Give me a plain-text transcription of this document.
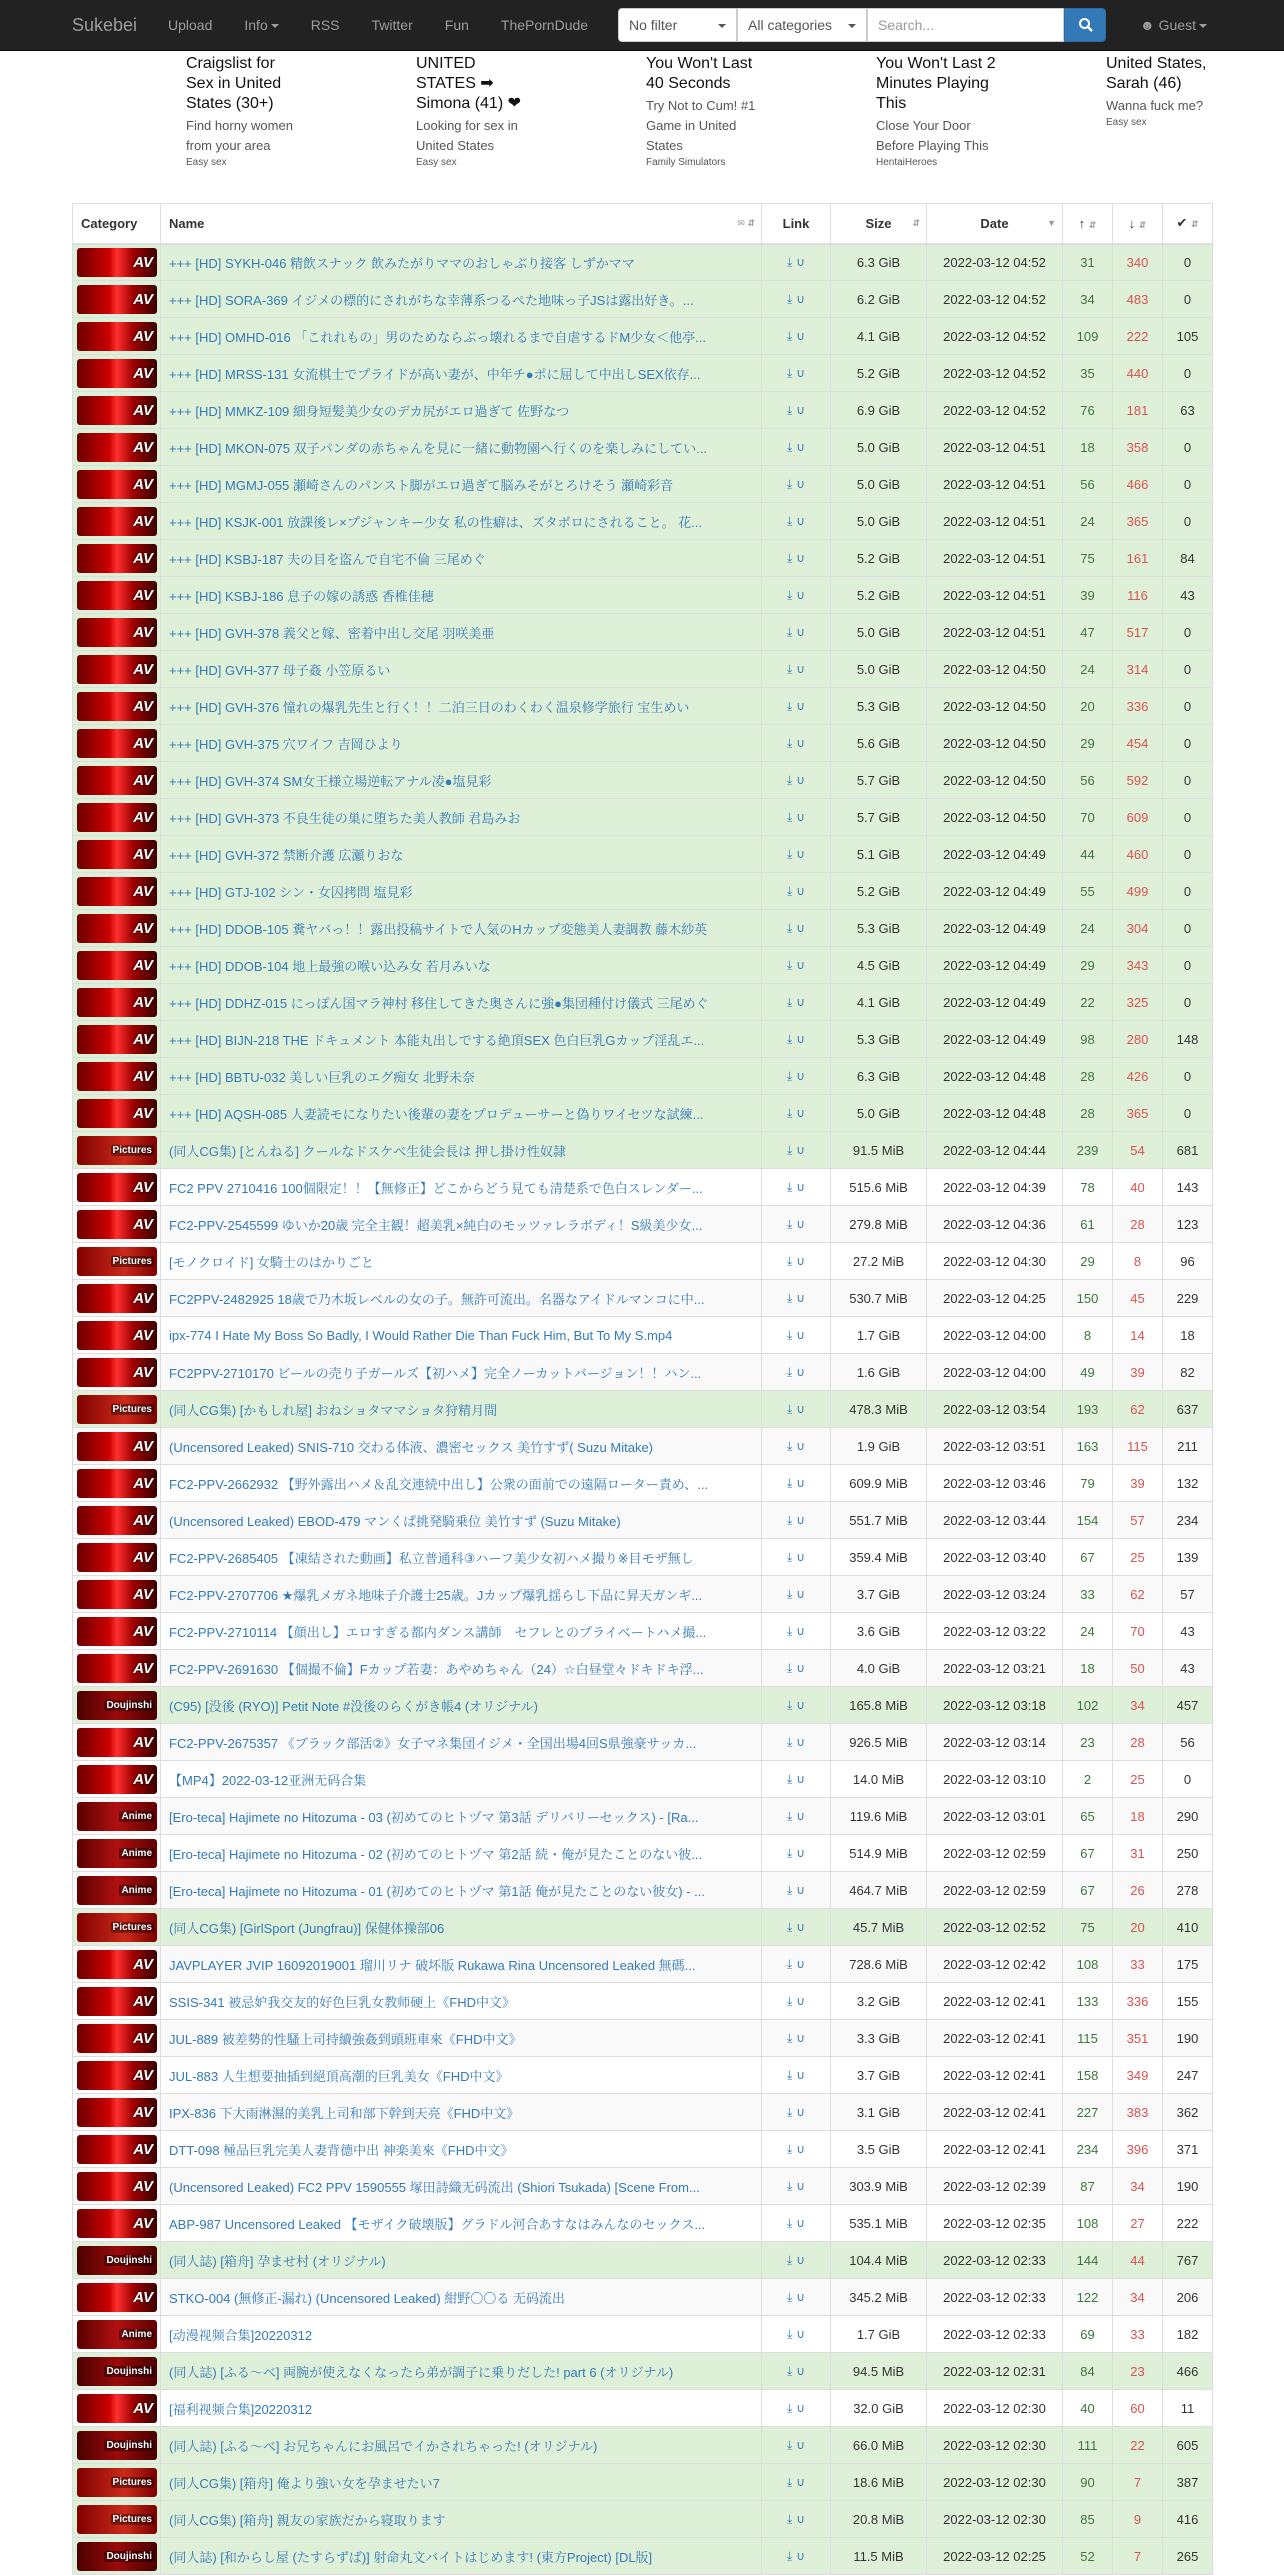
Sukebei	Upload	Info	RSS	Twitter	Fun	ThePornDude	No filter	All categories	Search...	☻ Guest
Craigslist for Sex in United States (30+)
Find horny women from your area
Easy sex
UNITED STATES ➡ Simona (41) ❤
Looking for sex in United States
Easy sex
You Won't Last 40 Seconds
Try Not to Cum! #1 Game in United States
Family Simulators
You Won't Last 2 Minutes Playing This
Close Your Door Before Playing This
HentaiHeroes
United States, Sarah (46)
Wanna fuck me?
Easy sex
Category	Name ✉ ⇵	Link	Size ⇵	Date ▼	↑ ⇵	↓ ⇵	✔ ⇵

AV	+++ [HD] SYKH-046 精飲スナック 飲みたがりママのおしゃぶり接客 しずかママ	⤓ ∪	6.3 GiB	2022-03-12 04:52	31	340	0

AV	+++ [HD] SORA-369 イジメの標的にされがちな幸薄系つるぺた地味っ子JSは露出好き。...	⤓ ∪	6.2 GiB	2022-03-12 04:52	34	483	0

AV	+++ [HD] OMHD-016 「これれもの」男のためならぶっ壊れるまで自虐するドM少女＜他亭...	⤓ ∪	4.1 GiB	2022-03-12 04:52	109	222	105

AV	+++ [HD] MRSS-131 女流棋士でプライドが高い妻が、中年チ●ポに屈して中出しSEX依存...	⤓ ∪	5.2 GiB	2022-03-12 04:52	35	440	0

AV	+++ [HD] MMKZ-109 細身短髪美少女のデカ尻がエロ過ぎて 佐野なつ	⤓ ∪	6.9 GiB	2022-03-12 04:52	76	181	63

AV	+++ [HD] MKON-075 双子パンダの赤ちゃんを見に一緒に動物園へ行くのを楽しみにしてい...	⤓ ∪	5.0 GiB	2022-03-12 04:51	18	358	0

AV	+++ [HD] MGMJ-055 瀬崎さんのパンスト脚がエロ過ぎて脳みそがとろけそう 瀬崎彩音	⤓ ∪	5.0 GiB	2022-03-12 04:51	56	466	0

AV	+++ [HD] KSJK-001 放課後レ×プジャンキー少女 私の性癖は、ズタボロにされること。 花...	⤓ ∪	5.0 GiB	2022-03-12 04:51	24	365	0

AV	+++ [HD] KSBJ-187 夫の目を盗んで自宅不倫 三尾めぐ	⤓ ∪	5.2 GiB	2022-03-12 04:51	75	161	84

AV	+++ [HD] KSBJ-186 息子の嫁の誘惑 香椎佳穂	⤓ ∪	5.2 GiB	2022-03-12 04:51	39	116	43

AV	+++ [HD] GVH-378 義父と嫁、密着中出し交尾 羽咲美亜	⤓ ∪	5.0 GiB	2022-03-12 04:51	47	517	0

AV	+++ [HD] GVH-377 母子姦 小笠原るい	⤓ ∪	5.0 GiB	2022-03-12 04:50	24	314	0

AV	+++ [HD] GVH-376 憧れの爆乳先生と行く！！二泊三日のわくわく温泉修学旅行 宝生めい	⤓ ∪	5.3 GiB	2022-03-12 04:50	20	336	0

AV	+++ [HD] GVH-375 穴ワイフ 吉岡ひより	⤓ ∪	5.6 GiB	2022-03-12 04:50	29	454	0

AV	+++ [HD] GVH-374 SM女王様立場逆転アナル凌●塩見彩	⤓ ∪	5.7 GiB	2022-03-12 04:50	56	592	0

AV	+++ [HD] GVH-373 不良生徒の巣に堕ちた美人教師 君島みお	⤓ ∪	5.7 GiB	2022-03-12 04:50	70	609	0

AV	+++ [HD] GVH-372 禁断介護 広瀬りおな	⤓ ∪	5.1 GiB	2022-03-12 04:49	44	460	0

AV	+++ [HD] GTJ-102 シン・女囚拷問 塩見彩	⤓ ∪	5.2 GiB	2022-03-12 04:49	55	499	0

AV	+++ [HD] DDOB-105 糞ヤバっ！！露出投稿サイトで人気のHカップ変態美人妻調教 藤木紗英	⤓ ∪	5.3 GiB	2022-03-12 04:49	24	304	0

AV	+++ [HD] DDOB-104 地上最強の喉い込み女 若月みいな	⤓ ∪	4.5 GiB	2022-03-12 04:49	29	343	0

AV	+++ [HD] DDHZ-015 にっぽん国マラ神村 移住してきた奥さんに強●集団種付け儀式 三尾めぐ	⤓ ∪	4.1 GiB	2022-03-12 04:49	22	325	0

AV	+++ [HD] BIJN-218 THE ドキュメント 本能丸出しでする絶頂SEX 色白巨乳Gカップ淫乱エ...	⤓ ∪	5.3 GiB	2022-03-12 04:49	98	280	148

AV	+++ [HD] BBTU-032 美しい巨乳のエグ痴女 北野未奈	⤓ ∪	6.3 GiB	2022-03-12 04:48	28	426	0

AV	+++ [HD] AQSH-085 人妻読モになりたい後輩の妻をプロデューサーと偽りワイセツな試練...	⤓ ∪	5.0 GiB	2022-03-12 04:48	28	365	0

Pictures	(同人CG集) [とんねる] クールなドスケベ生徒会長は 押し掛け性奴隷	⤓ ∪	91.5 MiB	2022-03-12 04:44	239	54	681

AV	FC2 PPV 2710416 100個限定！！【無修正】どこからどう見ても清楚系で色白スレンダー...	⤓ ∪	515.6 MiB	2022-03-12 04:39	78	40	143

AV	FC2-PPV-2545599 ゆいか20歳 完全主観！超美乳×純白のモッツァレラボディ！S級美少女...	⤓ ∪	279.8 MiB	2022-03-12 04:36	61	28	123

Pictures	[モノクロイド] 女騎士のはかりごと	⤓ ∪	27.2 MiB	2022-03-12 04:30	29	8	96

AV	FC2PPV-2482925 18歳で乃木坂レベルの女の子。無許可流出。名器なアイドルマンコに中...	⤓ ∪	530.7 MiB	2022-03-12 04:25	150	45	229

AV	ipx-774 I Hate My Boss So Badly, I Would Rather Die Than Fuck Him, But To My S.mp4	⤓ ∪	1.7 GiB	2022-03-12 04:00	8	14	18

AV	FC2PPV-2710170 ビールの売り子ガールズ【初ハメ】完全ノーカットバージョン！！ハン...	⤓ ∪	1.6 GiB	2022-03-12 04:00	49	39	82

Pictures	(同人CG集) [かもしれ屋] おねショタママショタ狩精月間	⤓ ∪	478.3 MiB	2022-03-12 03:54	193	62	637

AV	(Uncensored Leaked) SNIS-710 交わる体液、濃密セックス 美竹すず( Suzu Mitake)	⤓ ∪	1.9 GiB	2022-03-12 03:51	163	115	211

AV	FC2-PPV-2662932 【野外露出ハメ＆乱交連続中出し】公衆の面前での遠隔ローター責め、...	⤓ ∪	609.9 MiB	2022-03-12 03:46	79	39	132

AV	(Uncensored Leaked) EBOD-479 マンくぱ挑発騎乗位 美竹すず (Suzu Mitake)	⤓ ∪	551.7 MiB	2022-03-12 03:44	154	57	234

AV	FC2-PPV-2685405 【凍結された動画】私立普通科③ハーフ美少女初ハメ撮り※目モザ無し	⤓ ∪	359.4 MiB	2022-03-12 03:40	67	25	139

AV	FC2-PPV-2707706 ★爆乳メガネ地味子介護士25歳。Jカップ爆乳揺らし下品に昇天ガンギ...	⤓ ∪	3.7 GiB	2022-03-12 03:24	33	62	57

AV	FC2-PPV-2710114 【顔出し】エロすぎる都内ダンス講師　セフレとのプライベートハメ撮...	⤓ ∪	3.6 GiB	2022-03-12 03:22	24	70	43

AV	FC2-PPV-2691630 【個撮不倫】Fカップ若妻：あやめちゃん（24）☆白昼堂々ドキドキ浮...	⤓ ∪	4.0 GiB	2022-03-12 03:21	18	50	43

Doujinshi	(C95) [没後 (RYO)] Petit Note #没後のらくがき帳4 (オリジナル)	⤓ ∪	165.8 MiB	2022-03-12 03:18	102	34	457

AV	FC2-PPV-2675357 《ブラック部活②》女子マネ集団イジメ・全国出場4回S県強豪サッカ...	⤓ ∪	926.5 MiB	2022-03-12 03:14	23	28	56

AV	【MP4】2022-03-12亚洲无码合集	⤓ ∪	14.0 MiB	2022-03-12 03:10	2	25	0

Anime	[Ero-teca] Hajimete no Hitozuma - 03 (初めてのヒトヅマ 第3話 デリバリーセックス) - [Ra...	⤓ ∪	119.6 MiB	2022-03-12 03:01	65	18	290

Anime	[Ero-teca] Hajimete no Hitozuma - 02 (初めてのヒトヅマ 第2話 続・俺が見たことのない彼...	⤓ ∪	514.9 MiB	2022-03-12 02:59	67	31	250

Anime	[Ero-teca] Hajimete no Hitozuma - 01 (初めてのヒトヅマ 第1話 俺が見たことのない彼女) - ...	⤓ ∪	464.7 MiB	2022-03-12 02:59	67	26	278

Pictures	(同人CG集) [GirlSport (Jungfrau)] 保健体操部06	⤓ ∪	45.7 MiB	2022-03-12 02:52	75	20	410

AV	JAVPLAYER JVIP 16092019001 瑠川リナ 破坏版 Rukawa Rina Uncensored Leaked 無碼...	⤓ ∪	728.6 MiB	2022-03-12 02:42	108	33	175

AV	SSIS-341 被忌妒我交友的好色巨乳女教师硬上《FHD中文》	⤓ ∪	3.2 GiB	2022-03-12 02:41	133	336	155

AV	JUL-889 被差勢的性騷上司持續強姦到頭班車來《FHD中文》	⤓ ∪	3.3 GiB	2022-03-12 02:41	115	351	190

AV	JUL-883 人生想要抽插到絕頂高潮的巨乳美女《FHD中文》	⤓ ∪	3.7 GiB	2022-03-12 02:41	158	349	247

AV	IPX-836 下大雨淋濕的美乳上司和部下幹到天亮《FHD中文》	⤓ ∪	3.1 GiB	2022-03-12 02:41	227	383	362

AV	DTT-098 極品巨乳完美人妻背德中出 神楽美來《FHD中文》	⤓ ∪	3.5 GiB	2022-03-12 02:41	234	396	371

AV	(Uncensored Leaked) FC2 PPV 1590555 塚田詩織无码流出 (Shiori Tsukada) [Scene From...	⤓ ∪	303.9 MiB	2022-03-12 02:39	87	34	190

AV	ABP-987 Uncensored Leaked 【モザイク破壊版】グラドル河合あすなはみんなのセックス...	⤓ ∪	535.1 MiB	2022-03-12 02:35	108	27	222

Doujinshi	(同人誌) [箱舟] 孕ませ村 (オリジナル)	⤓ ∪	104.4 MiB	2022-03-12 02:33	144	44	767

AV	STKO-004 (無修正-漏れ) (Uncensored Leaked) 紺野〇〇る 无码流出	⤓ ∪	345.2 MiB	2022-03-12 02:33	122	34	206

Anime	[动漫视频合集]20220312	⤓ ∪	1.7 GiB	2022-03-12 02:33	69	33	182

Doujinshi	(同人誌) [ふる〜べ] 両腕が使えなくなったら弟が調子に乗りだした! part 6 (オリジナル)	⤓ ∪	94.5 MiB	2022-03-12 02:31	84	23	466

AV	[福利视频合集]20220312	⤓ ∪	32.0 GiB	2022-03-12 02:30	40	60	11

Doujinshi	(同人誌) [ふる〜べ] お兄ちゃんにお風呂でイかされちゃった! (オリジナル)	⤓ ∪	66.0 MiB	2022-03-12 02:30	111	22	605

Pictures	(同人CG集) [箱舟] 俺より強い女を孕ませたい7	⤓ ∪	18.6 MiB	2022-03-12 02:30	90	7	387

Pictures	(同人CG集) [箱舟] 親友の家族だから寝取ります	⤓ ∪	20.8 MiB	2022-03-12 02:30	85	9	416

Doujinshi	(同人誌) [和からし屋 (たすらずば)] 射命丸文バイトはじめます! (東方Project) [DL版]	⤓ ∪	11.5 MiB	2022-03-12 02:25	52	7	265
